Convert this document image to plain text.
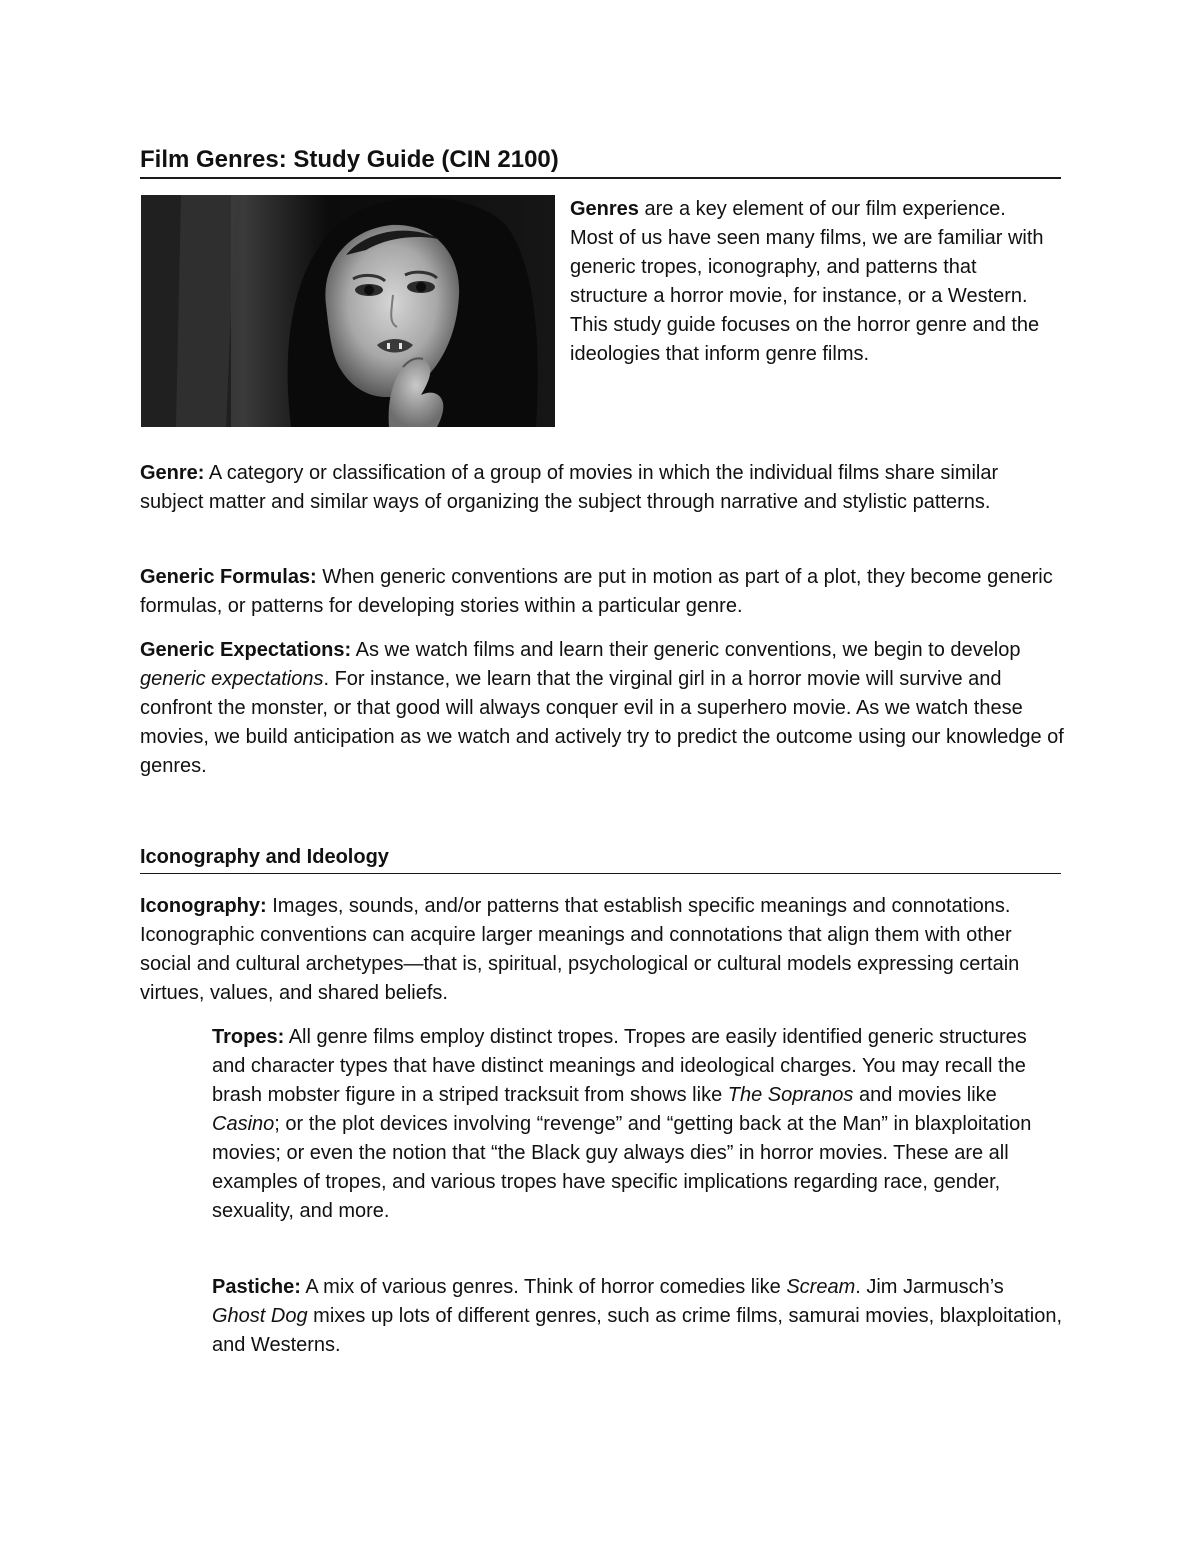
Film Genres: Study Guide (CIN 2100)
Genres are a key element of our film experience. Most of us have seen many films, we are familiar with generic tropes, iconography, and patterns that structure a horror movie, for instance, or a Western. This study guide focuses on the horror genre and the ideologies that inform genre films.

Genre: A category or classification of a group of movies in which the individual films share similar subject matter and similar ways of organizing the subject through narrative and stylistic patterns.

Generic Formulas: When generic conventions are put in motion as part of a plot, they become generic formulas, or patterns for developing stories within a particular genre.

Generic Expectations: As we watch films and learn their generic conventions, we begin to develop generic expectations. For instance, we learn that the virginal girl in a horror movie will survive and confront the monster, or that good will always conquer evil in a superhero movie. As we watch these movies, we build anticipation as we watch and actively try to predict the outcome using our knowledge of genres.

Iconography and Ideology

Iconography: Images, sounds, and/or patterns that establish specific meanings and connotations. Iconographic conventions can acquire larger meanings and connotations that align them with other social and cultural archetypes—that is, spiritual, psychological or cultural models expressing certain virtues, values, and shared beliefs.

Tropes: All genre films employ distinct tropes. Tropes are easily identified generic structures and character types that have distinct meanings and ideological charges. You may recall the brash mobster figure in a striped tracksuit from shows like The Sopranos and movies like Casino; or the plot devices involving “revenge” and “getting back at the Man” in blaxploitation movies; or even the notion that “the Black guy always dies” in horror movies. These are all examples of tropes, and various tropes have specific implications regarding race, gender, sexuality, and more.

Pastiche: A mix of various genres. Think of horror comedies like Scream. Jim Jarmusch’s Ghost Dog mixes up lots of different genres, such as crime films, samurai movies, blaxploitation, and Westerns.
